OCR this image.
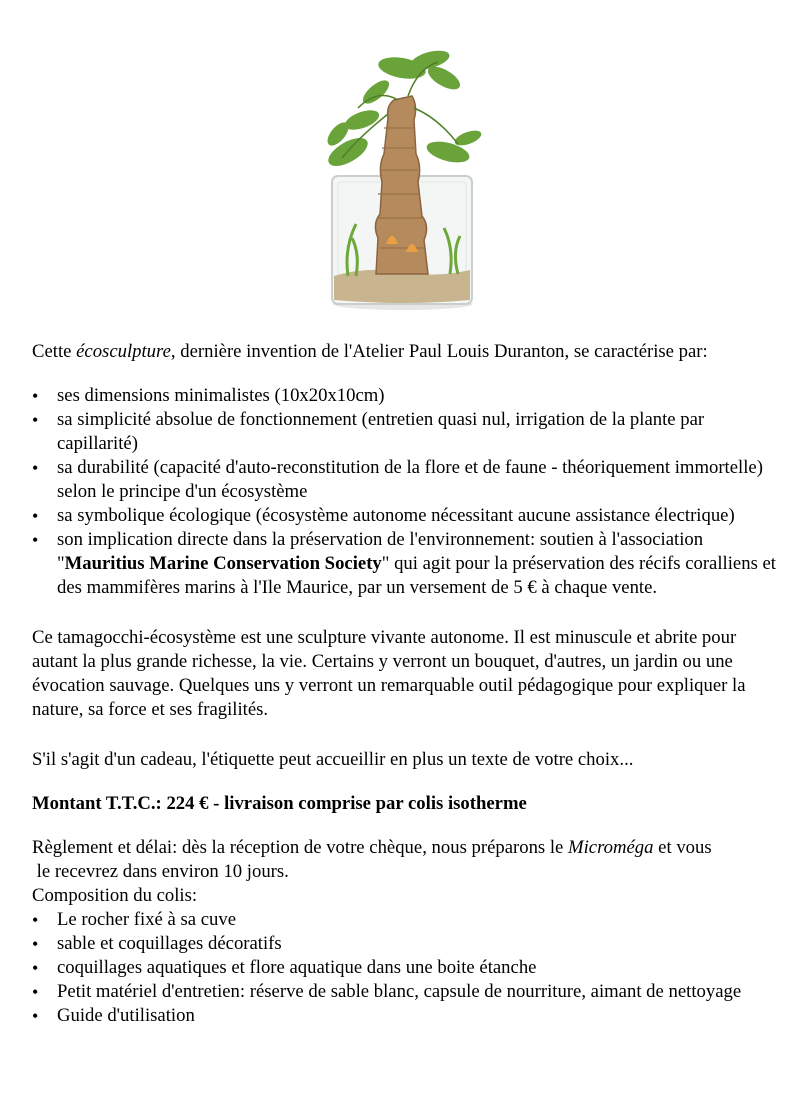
Cette écosculpture, dernière invention de l'Atelier Paul Louis Duranton, se caractérise par:

• ses dimensions minimalistes (10x20x10cm)
• sa simplicité absolue de fonctionnement (entretien quasi nul, irrigation de la plante par capillarité)
• sa durabilité (capacité d'auto-reconstitution de la flore et de faune - théoriquement immortelle) selon le principe d'un écosystème
• sa symbolique écologique (écosystème autonome nécessitant aucune assistance électrique)
• son implication directe dans la préservation de l'environnement: soutien à l'association "Mauritius Marine Conservation Society" qui agit pour la préservation des récifs coralliens et des mammifères marins à l'Ile Maurice, par un versement de 5 € à chaque vente.

Ce tamagocchi-écosystème est une sculpture vivante autonome. Il est minuscule et abrite pour autant la plus grande richesse, la vie. Certains y verront un bouquet, d'autres, un jardin ou une évocation sauvage. Quelques uns y verront un remarquable outil pédagogique pour expliquer la nature, sa force et ses fragilités.

S'il s'agit d'un cadeau, l'étiquette peut accueillir en plus un texte de votre choix...

Montant T.T.C.: 224 € - livraison comprise par colis isotherme

Règlement et délai: dès la réception de votre chèque, nous préparons le Microméga et vous
le recevrez dans environ 10 jours.

Composition du colis:

• Le rocher fixé à sa cuve
• sable et coquillages décoratifs
• coquillages aquatiques et flore aquatique dans une boite étanche
• Petit matériel d'entretien: réserve de sable blanc, capsule de nourriture, aimant de nettoyage
• Guide d'utilisation
